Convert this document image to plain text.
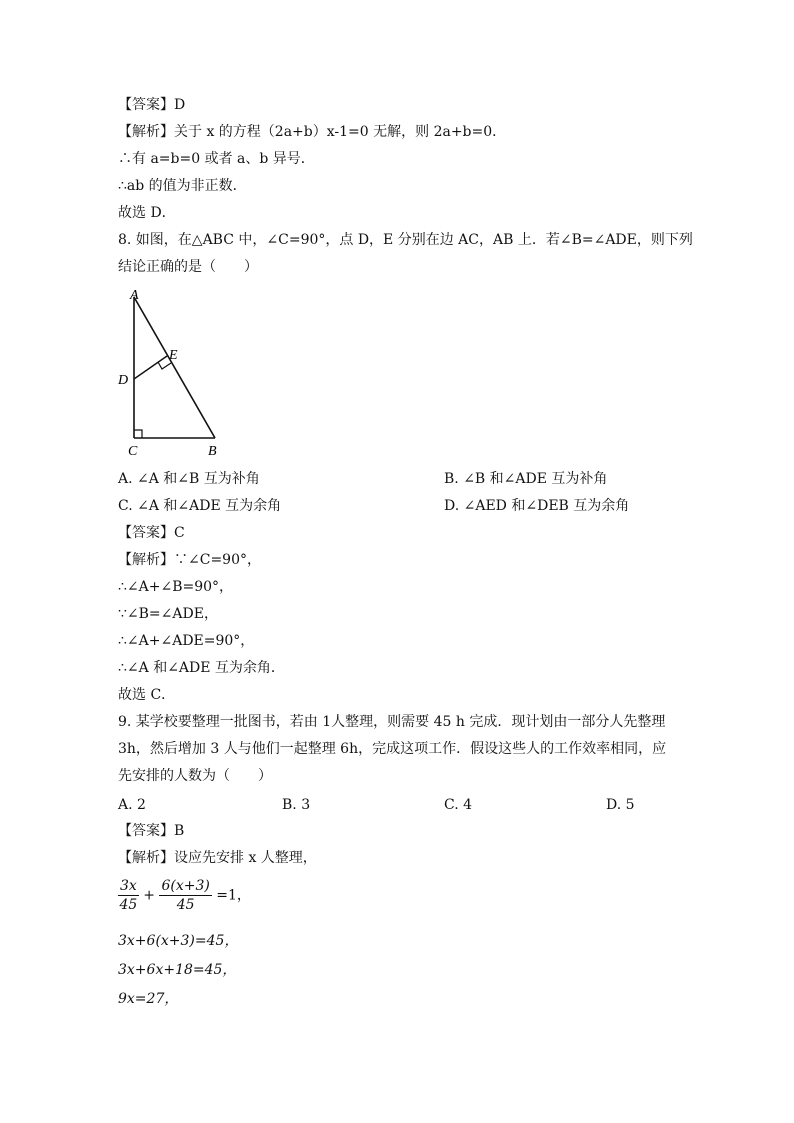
【答案】D
【解析】关于 x 的方程（2a+b）x-1=0 无解，则 2a+b=0．
∴有 a=b=0 或者 a、b 异号．
∴ab 的值为非正数．
故选 D．
8. 如图，在△ABC 中，∠C=90°，点 D，E 分别在边 AC，AB 上．若∠B=∠ADE，则下列
结论正确的是（　　）
A
E
D
C	B
A. ∠A 和∠B 互为补角	B. ∠B 和∠ADE 互为补角
C. ∠A 和∠ADE 互为余角	D. ∠AED 和∠DEB 互为余角
【答案】C
【解析】∵∠C=90°，
∴∠A+∠B=90°，
∵∠B=∠ADE，
∴∠A+∠ADE=90°，
∴∠A 和∠ADE 互为余角．
故选 C．
9. 某学校要整理一批图书，若由 1人整理，则需要 45 h 完成．现计划由一部分人先整理
3h，然后增加 3 人与他们一起整理 6h，完成这项工作．假设这些人的工作效率相同，应
先安排的人数为（　　）
A. 2	B. 3	C. 4	D. 5
【答案】B
【解析】设应先安排 x 人整理，
$\frac{3x}{45} + \frac{6(x+3)}{45} =1$，
3x+6(x+3)=45，
3x+6x+18=45，
9x=27，
